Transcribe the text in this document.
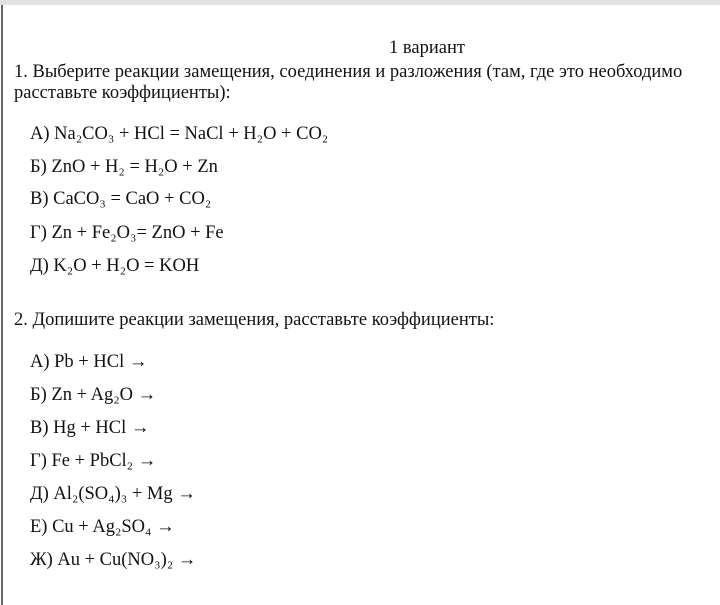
1 вариант
1. Выберите реакции замещения, соединения и разложения (там, где это необходимо
расставьте коэффициенты):
А) Na₂CO₃ + HCl = NaCl + H₂O + CO₂
Б) ZnO + H₂ = H₂O + Zn
В) CaCO₃ = CaO + CO₂
Г) Zn + Fe₂O₃= ZnO + Fe
Д) K₂O + H₂O = KOH
2. Допишите реакции замещения, расставьте коэффициенты:
А) Pb + HCl →
Б) Zn + Ag₂O →
В) Hg + HCl →
Г) Fe + PbCl₂ →
Д) Al₂(SO₄)₃ + Mg →
Е) Cu + Ag₂SO₄ →
Ж) Au + Cu(NO₃)₂ →
